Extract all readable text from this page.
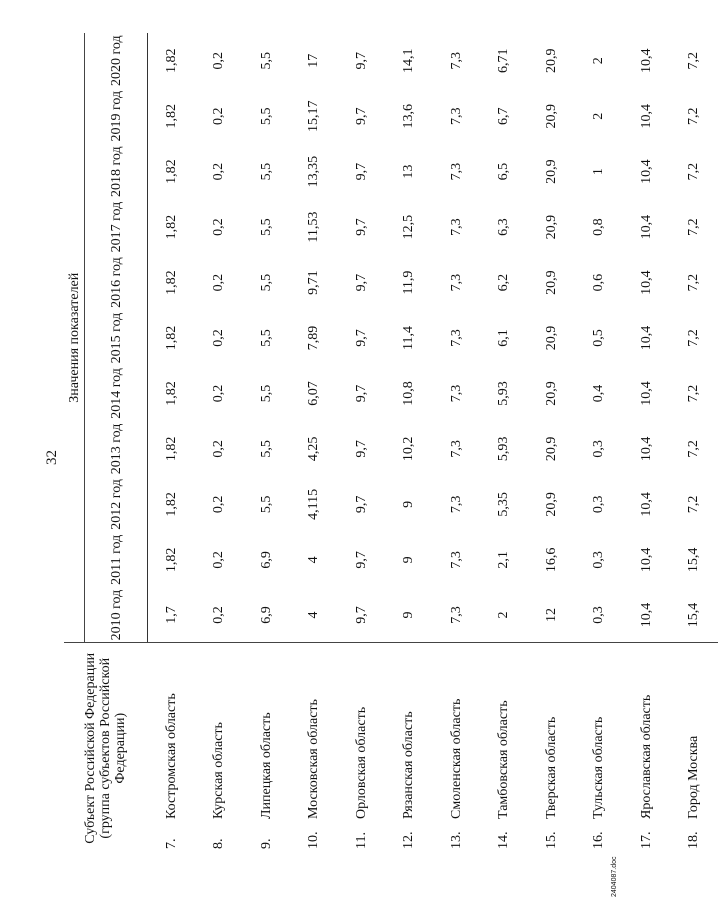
32
Субъект Российской Федерации (группа субъектов Российской Федерации)	Значения показателей										
	2010 год	2011 год	2012 год	2013 год	2014 год	2015 год	2016 год	2017 год	2018 год	2019 год	2020 год
7.Костромская область	1,7	1,82	1,82	1,82	1,82	1,82	1,82	1,82	1,82	1,82	1,82
8.Курская область	0,2	0,2	0,2	0,2	0,2	0,2	0,2	0,2	0,2	0,2	0,2
9.Липецкая область	6,9	6,9	5,5	5,5	5,5	5,5	5,5	5,5	5,5	5,5	5,5
10.Московская область	4	4	4,115	4,25	6,07	7,89	9,71	11,53	13,35	15,17	17
11.Орловская область	9,7	9,7	9,7	9,7	9,7	9,7	9,7	9,7	9,7	9,7	9,7
12.Рязанская область	9	9	9	10,2	10,8	11,4	11,9	12,5	13	13,6	14,1
13.Смоленская область	7,3	7,3	7,3	7,3	7,3	7,3	7,3	7,3	7,3	7,3	7,3
14.Тамбовская область	2	2,1	5,35	5,93	5,93	6,1	6,2	6,3	6,5	6,7	6,71
15.Тверская область	12	16,6	20,9	20,9	20,9	20,9	20,9	20,9	20,9	20,9	20,9
16.Тульская область	0,3	0,3	0,3	0,3	0,4	0,5	0,6	0,8	1	2	2
17.Ярославская область	10,4	10,4	10,4	10,4	10,4	10,4	10,4	10,4	10,4	10,4	10,4
18.Город Москва	15,4	15,4	7,2	7,2	7,2	7,2	7,2	7,2	7,2	7,2	7,2
2404087.doc
